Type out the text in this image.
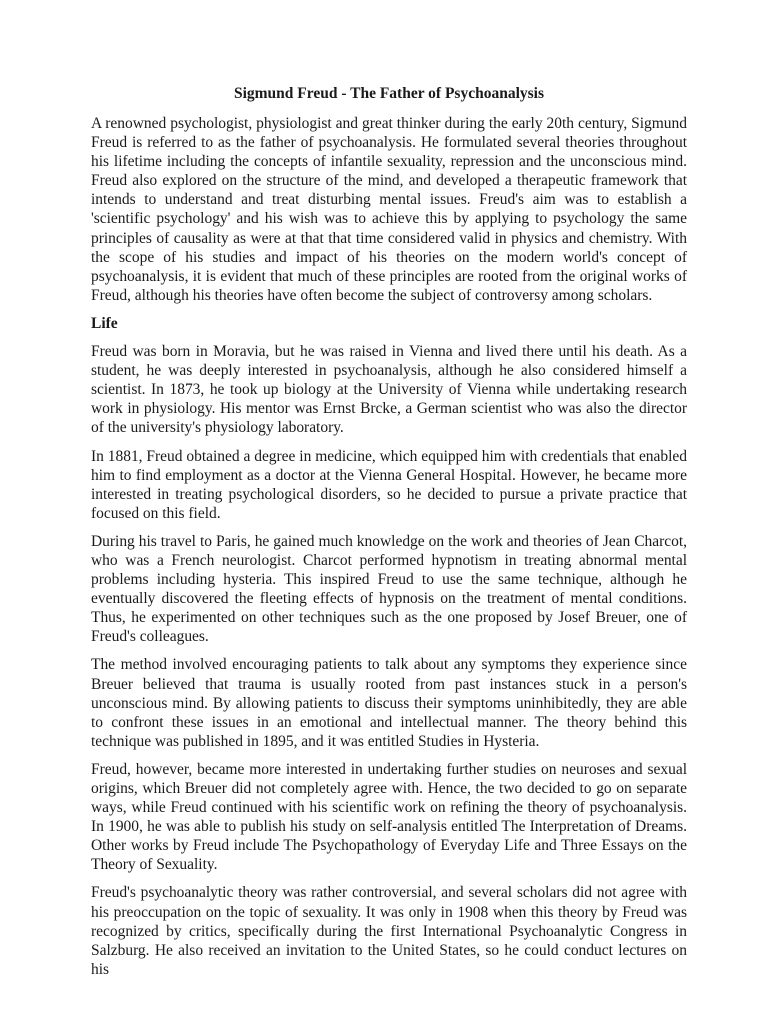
Sigmund Freud - The Father of Psychoanalysis

A renowned psychologist, physiologist and great thinker during the early 20th century, Sigmund Freud is referred to as the father of psychoanalysis. He formulated several theories throughout his lifetime including the concepts of infantile sexuality, repression and the unconscious mind. Freud also explored on the structure of the mind, and developed a therapeutic framework that intends to understand and treat disturbing mental issues. Freud's aim was to establish a 'scientific psychology' and his wish was to achieve this by applying to psychology the same principles of causality as were at that that time considered valid in physics and chemistry. With the scope of his studies and impact of his theories on the modern world's concept of psychoanalysis, it is evident that much of these principles are rooted from the original works of Freud, although his theories have often become the subject of controversy among scholars.

Life

Freud was born in Moravia, but he was raised in Vienna and lived there until his death. As a student, he was deeply interested in psychoanalysis, although he also considered himself a scientist. In 1873, he took up biology at the University of Vienna while undertaking research work in physiology. His mentor was Ernst Brcke, a German scientist who was also the director of the university's physiology laboratory.

In 1881, Freud obtained a degree in medicine, which equipped him with credentials that enabled him to find employment as a doctor at the Vienna General Hospital. However, he became more interested in treating psychological disorders, so he decided to pursue a private practice that focused on this field.

During his travel to Paris, he gained much knowledge on the work and theories of Jean Charcot, who was a French neurologist. Charcot performed hypnotism in treating abnormal mental problems including hysteria. This inspired Freud to use the same technique, although he eventually discovered the fleeting effects of hypnosis on the treatment of mental conditions. Thus, he experimented on other techniques such as the one proposed by Josef Breuer, one of Freud's colleagues.

The method involved encouraging patients to talk about any symptoms they experience since Breuer believed that trauma is usually rooted from past instances stuck in a person's unconscious mind. By allowing patients to discuss their symptoms uninhibitedly, they are able to confront these issues in an emotional and intellectual manner. The theory behind this technique was published in 1895, and it was entitled Studies in Hysteria.

Freud, however, became more interested in undertaking further studies on neuroses and sexual origins, which Breuer did not completely agree with. Hence, the two decided to go on separate ways, while Freud continued with his scientific work on refining the theory of psychoanalysis. In 1900, he was able to publish his study on self-analysis entitled The Interpretation of Dreams. Other works by Freud include The Psychopathology of Everyday Life and Three Essays on the Theory of Sexuality.

Freud's psychoanalytic theory was rather controversial, and several scholars did not agree with his preoccupation on the topic of sexuality. It was only in 1908 when this theory by Freud was recognized by critics, specifically during the first International Psychoanalytic Congress in Salzburg. He also received an invitation to the United States, so he could conduct lectures on his
